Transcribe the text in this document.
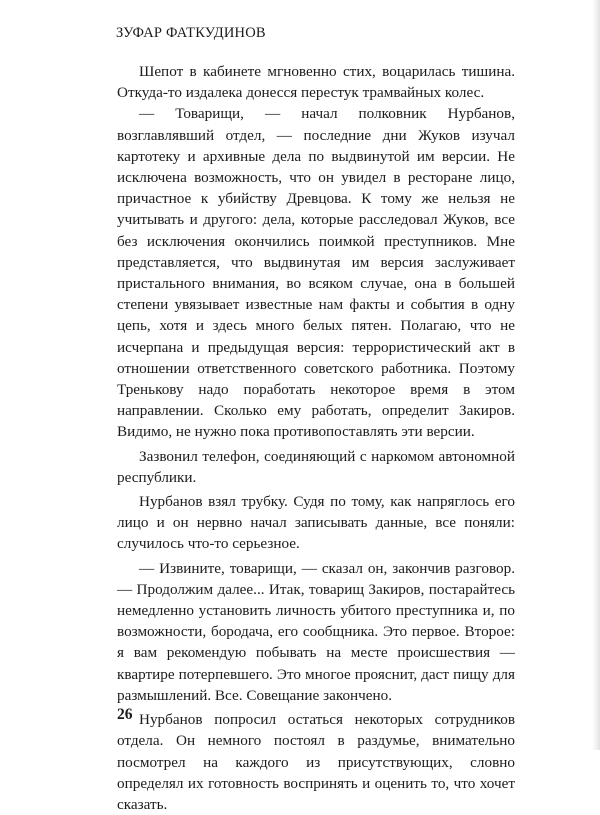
ЗУФАР ФАТКУДИНОВ

Шепот в кабинете мгновенно стих, воцарилась тишина. Откуда-то издалека донесся перестук трамвайных колес.

— Товарищи, — начал полковник Нурбанов, возглавлявший отдел, — последние дни Жуков изучал картотеку и архивные дела по выдвинутой им версии. Не исключена возможность, что он увидел в ресторане лицо, причастное к убийству Древцова. К тому же нельзя не учитывать и другого: дела, которые расследовал Жуков, все без исключения окончились поимкой преступников. Мне представляется, что выдвинутая им версия заслуживает пристального внимания, во всяком случае, она в большей степени увязывает известные нам факты и события в одну цепь, хотя и здесь много белых пятен. Полагаю, что не исчерпана и предыдущая версия: террористический акт в отношении ответственного советского работника. Поэтому Тренькову надо поработать некоторое время в этом направлении. Сколько ему работать, определит Закиров. Видимо, не нужно пока противопоставлять эти версии.

Зазвонил телефон, соединяющий с наркомом автономной республики.

Нурбанов взял трубку. Судя по тому, как напряглось его лицо и он нервно начал записывать данные, все поняли: случилось что-то серьезное.

— Извините, товарищи, — сказал он, закончив разговор. — Продолжим далее... Итак, товарищ Закиров, постарайтесь немедленно установить личность убитого преступника и, по возможности, бородача, его сообщника. Это первое. Второе: я вам рекомендую побывать на месте происшествия — квартире потерпевшего. Это многое прояснит, даст пищу для размышлений. Все. Совещание закончено.

Нурбанов попросил остаться некоторых сотрудников отдела. Он немного постоял в раздумье, внимательно посмотрел на каждого из присутствующих, словно определял их готовность воспринять и оценить то, что хочет сказать.

26
